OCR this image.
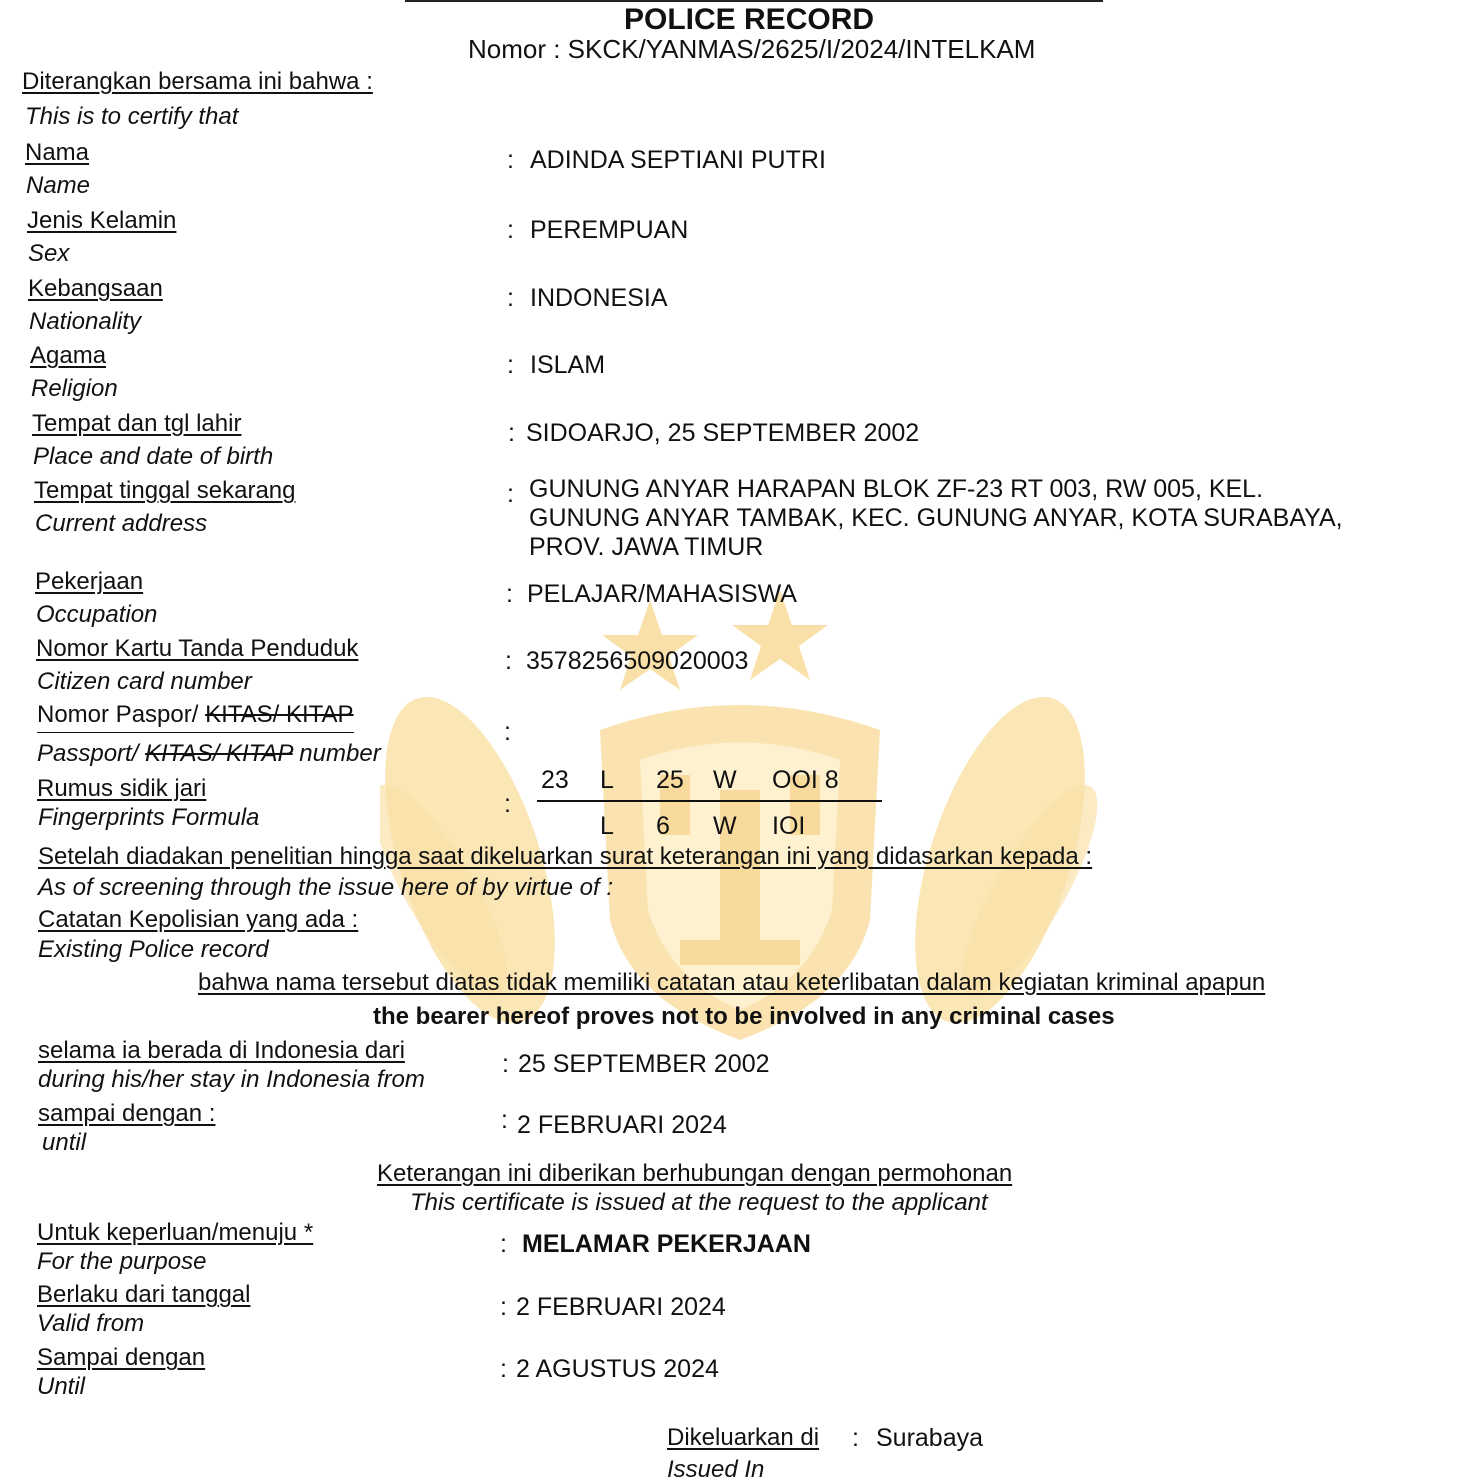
POLICE RECORD
Nomor : SKCK/YANMAS/2625/I/2024/INTELKAM
Diterangkan bersama ini bahwa :
This is to certify that
Nama
Name
: ADINDA SEPTIANI PUTRI
Jenis Kelamin
Sex
: PEREMPUAN
Kebangsaan
Nationality
: INDONESIA
Agama
Religion
: ISLAM
Tempat dan tgl lahir
Place and date of birth
: SIDOARJO, 25 SEPTEMBER 2002
Tempat tinggal sekarang
Current address
: GUNUNG ANYAR HARAPAN BLOK ZF-23 RT 003, RW 005, KEL.
GUNUNG ANYAR TAMBAK, KEC. GUNUNG ANYAR, KOTA SURABAYA,
PROV. JAWA TIMUR
Pekerjaan
Occupation
: PELAJAR/MAHASISWA
Nomor Kartu Tanda Penduduk
Citizen card number
: 3578256509020003
Nomor Paspor/ KITAS/ KITAP
Passport/ KITAS/ KITAP number
:
Rumus sidik jari
Fingerprints Formula	:
23 L 25 W OOI 8
L 6 W IOI
Setelah diadakan penelitian hingga saat dikeluarkan surat keterangan ini yang didasarkan kepada :
As of screening through the issue here of by virtue of :
Catatan Kepolisian yang ada :
Existing Police record
bahwa nama tersebut diatas tidak memiliki catatan atau keterlibatan dalam kegiatan kriminal apapun
the bearer hereof proves not to be involved in any criminal cases
selama ia berada di Indonesia dari
during his/her stay in Indonesia from
: 25 SEPTEMBER 2002
sampai dengan :
until
: 2 FEBRUARI 2024
Keterangan ini diberikan berhubungan dengan permohonan
This certificate is issued at the request to the applicant
Untuk keperluan/menuju *
For the purpose
: MELAMAR PEKERJAAN
Berlaku dari tanggal
Valid from
: 2 FEBRUARI 2024
Sampai dengan
Until
: 2 AGUSTUS 2024
Dikeluarkan di : Surabaya
Issued In
